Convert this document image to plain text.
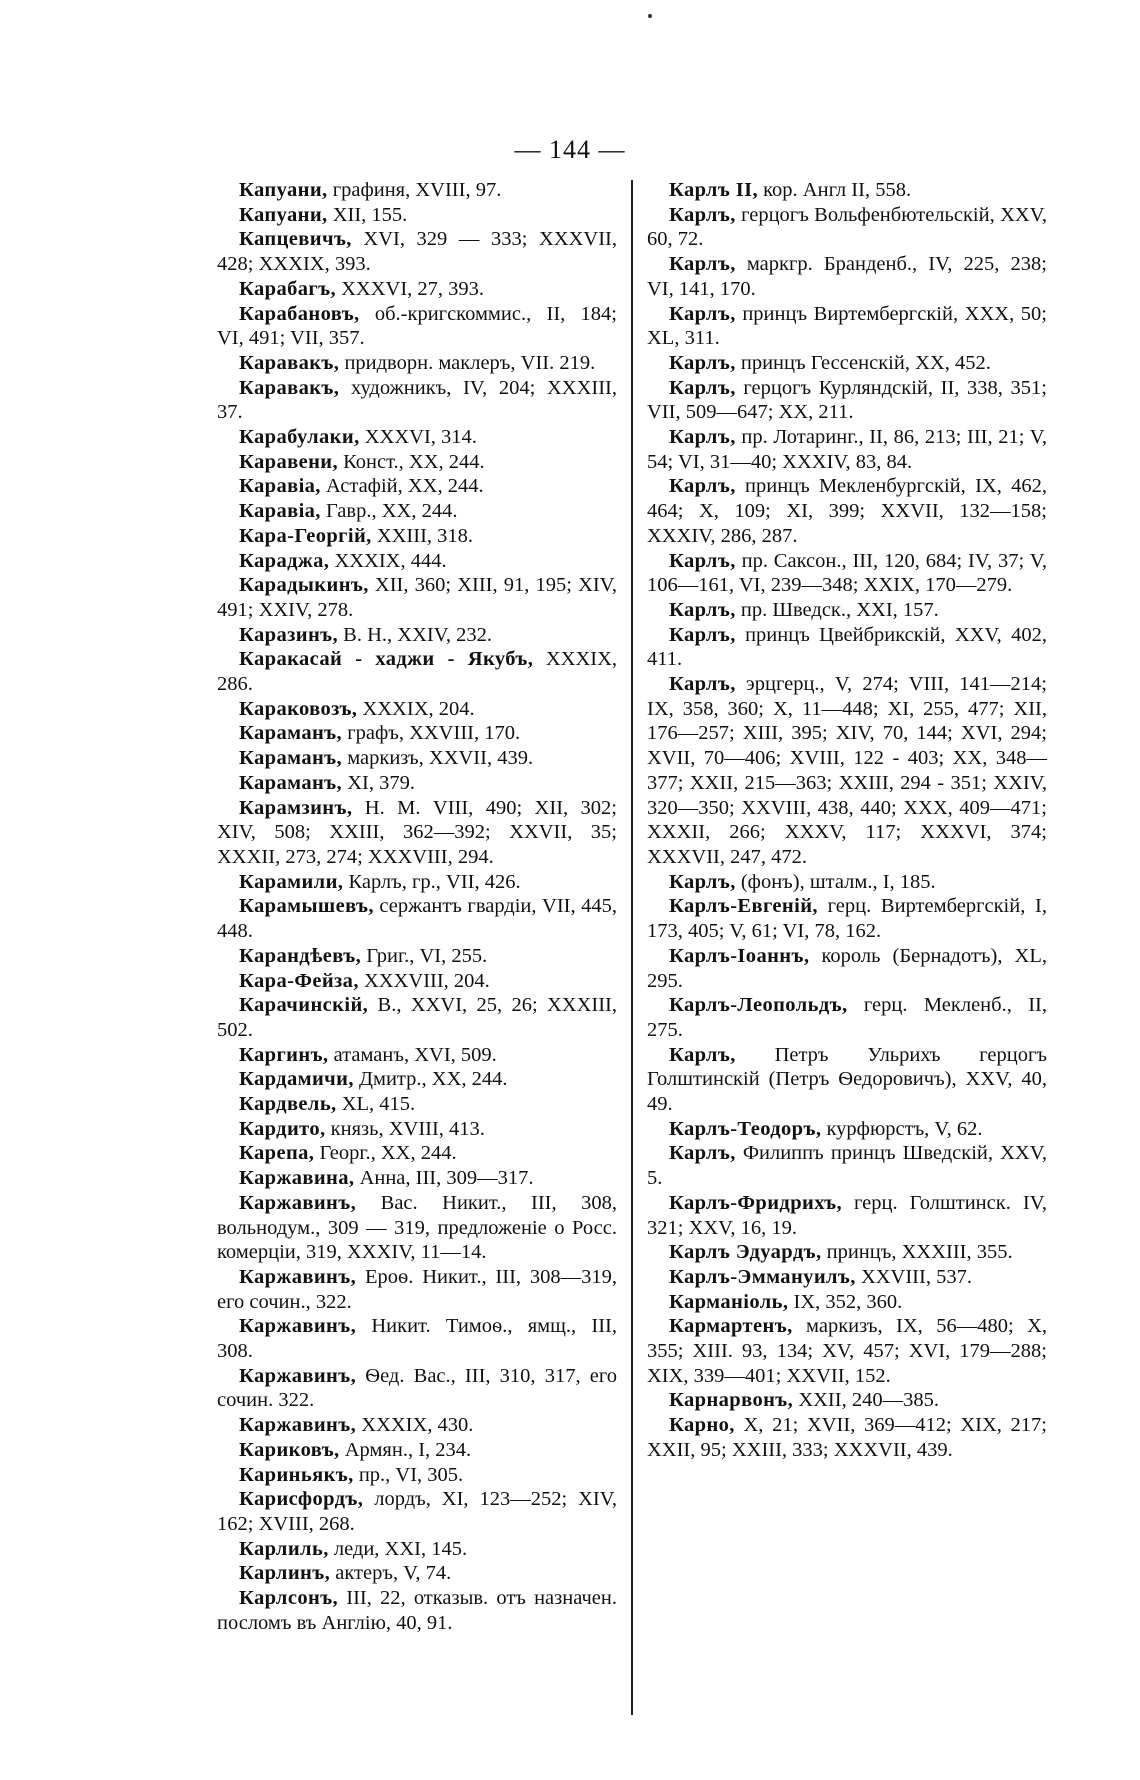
— 144 —

Капуани, графиня, XVIII, 97.

Капуани, XII, 155.

Капцевичъ, XVI, 329 — 333; XXXVII, 428; XXXIX, 393.

Карабагъ, XXXVI, 27, 393.

Карабановъ, об.-кригскоммис., II, 184; VI, 491; VII, 357.

Каравакъ, придворн. маклеръ, VII. 219.

Каравакъ, художникъ, IV, 204; XXXIII, 37.

Карабулаки, XXXVI, 314.

Каравени, Конст., XX, 244.

Каравіа, Астафій, XX, 244.

Каравіа, Гавр., XX, 244.

Кара-Георгій, XXIII, 318.

Караджа, XXXIX, 444.

Карадыкинъ, XII, 360; XIII, 91, 195; XIV, 491; XXIV, 278.

Каразинъ, В. Н., XXIV, 232.

Каракасай - хаджи - Якубъ, XXXIX, 286.

Караковозъ, XXXIX, 204.

Караманъ, графъ, XXVIII, 170.

Караманъ, маркизъ, XXVII, 439.

Караманъ, XI, 379.

Карамзинъ, Н. М. VIII, 490; XII, 302; XIV, 508; XXIII, 362—392; XXVII, 35; XXXII, 273, 274; XXXVIII, 294.

Карамили, Карлъ, гр., VII, 426.

Карамышевъ, сержантъ гвардіи, VII, 445, 448.

Карандѣевъ, Григ., VI, 255.

Кара-Фейза, XXXVIII, 204.

Карачинскій, В., XXVI, 25, 26; XXXIII, 502.

Каргинъ, атаманъ, XVI, 509.

Кардамичи, Дмитр., XX, 244.

Кардвель, XL, 415.

Кардито, князь, XVIII, 413.

Карепа, Георг., XX, 244.

Каржавина, Анна, III, 309—317.

Каржавинъ, Вас. Никит., III, 308, вольнодум., 309 — 319, предложеніе о Росс. комерціи, 319, XXXIV, 11—14.

Каржавинъ, Ероѳ. Никит., III, 308—319, его сочин., 322.

Каржавинъ, Никит. Тимоѳ., ямщ., III, 308.

Каржавинъ, Ѳед. Вас., III, 310, 317, его сочин. 322.

Каржавинъ, XXXIX, 430.

Кариковъ, Армян., I, 234.

Кариньякъ, пр., VI, 305.

Карисфордъ, лордъ, XI, 123—252; XIV, 162; XVIII, 268.

Карлиль, леди, XXI, 145.

Карлинъ, актеръ, V, 74.

Карлсонъ, III, 22, отказыв. отъ назначен. посломъ въ Англію, 40, 91.

Карлъ II, кор. Англ II, 558.

Карлъ, герцогъ Вольфенбютельскій, XXV, 60, 72.

Карлъ, маркгр. Бранденб., IV, 225, 238; VI, 141, 170.

Карлъ, принцъ Виртембергскій, XXX, 50; XL, 311.

Карлъ, принцъ Гессенскій, XX, 452.

Карлъ, герцогъ Курляндскій, II, 338, 351; VII, 509—647; XX, 211.

Карлъ, пр. Лотаринг., II, 86, 213; III, 21; V, 54; VI, 31—40; XXXIV, 83, 84.

Карлъ, принцъ Мекленбургскій, IX, 462, 464; X, 109; XI, 399; XXVII, 132—158; XXXIV, 286, 287.

Карлъ, пр. Саксон., III, 120, 684; IV, 37; V, 106—161, VI, 239—348; XXIX, 170—279.

Карлъ, пр. Шведск., XXI, 157.

Карлъ, принцъ Цвейбрикскій, XXV, 402, 411.

Карлъ, эрцгерц., V, 274; VIII, 141—214; IX, 358, 360; X, 11—448; XI, 255, 477; XII, 176—257; XIII, 395; XIV, 70, 144; XVI, 294; XVII, 70—406; XVIII, 122 - 403; XX, 348—377; XXII, 215—363; XXIII, 294 - 351; XXIV, 320—350; XXVIII, 438, 440; XXX, 409—471; XXXII, 266; XXXV, 117; XXXVI, 374; XXXVII, 247, 472.

Карлъ, (фонъ), шталм., I, 185.

Карлъ-Евгеній, герц. Виртембергскій, I, 173, 405; V, 61; VI, 78, 162.

Карлъ-Іоаннъ, король (Бернадотъ), XL, 295.

Карлъ-Леопольдъ, герц. Мекленб., II, 275.

Карлъ, Петръ Ульрихъ герцогъ Голштинскій (Петръ Ѳедоровичъ), XXV, 40, 49.

Карлъ-Теодоръ, курфюрстъ, V, 62.

Карлъ, Филиппъ принцъ Шведскій, XXV, 5.

Карлъ-Фридрихъ, герц. Голштинск. IV, 321; XXV, 16, 19.

Карлъ Эдуардъ, принцъ, XXXIII, 355.

Карлъ-Эммануилъ, XXVIII, 537.

Карманіоль, IX, 352, 360.

Кармартенъ, маркизъ, IX, 56—480; X, 355; XIII. 93, 134; XV, 457; XVI, 179—288; XIX, 339—401; XXVII, 152.

Карнарвонъ, XXII, 240—385.

Карно, X, 21; XVII, 369—412; XIX, 217; XXII, 95; XXIII, 333; XXXVII, 439.
